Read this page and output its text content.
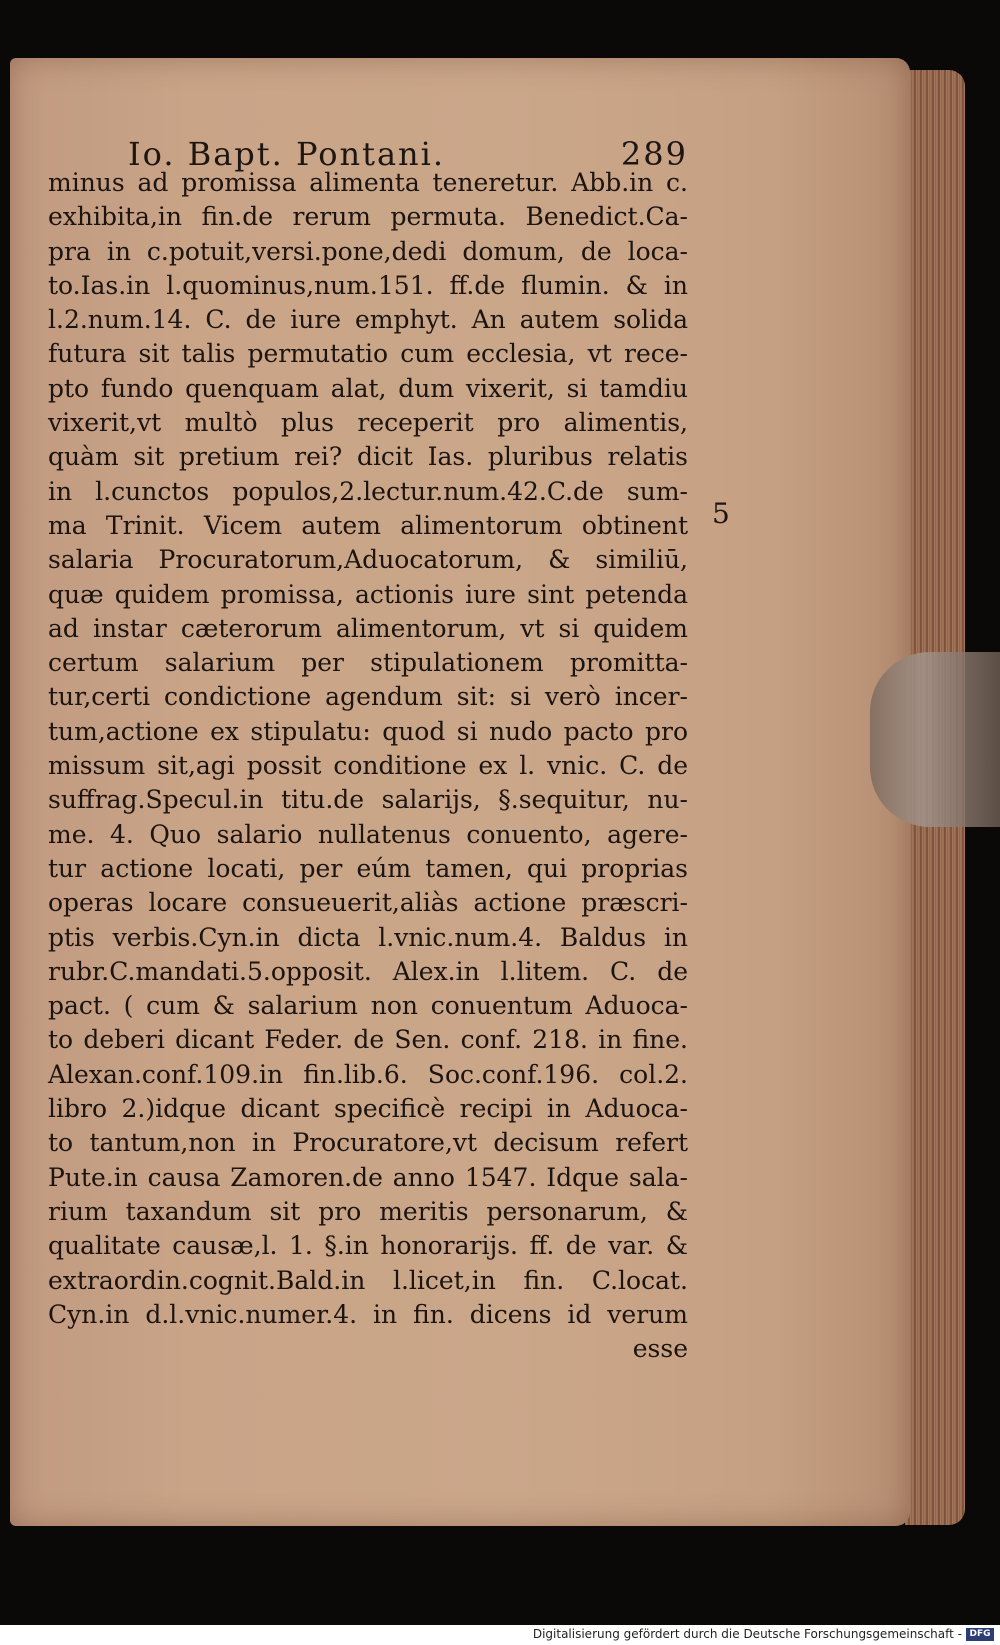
Io. Bapt. Pontani.	289
minus ad promissa alimenta teneretur. Abb.in c.
exhibita,in fin.de rerum permuta. Benedict.Ca-
pra in c.potuit,versi.pone,dedi domum, de loca-
to.Ias.in l.quominus,num.151. ff.de flumin. & in
l.2.num.14. C. de iure emphyt. An autem solida
futura sit talis permutatio cum ecclesia, vt rece-
pto fundo quenquam alat, dum vixerit, si tamdiu
vixerit,vt multò plus receperit pro alimentis,
quàm sit pretium rei? dicit Ias. pluribus relatis
in l.cunctos populos,2.lectur.num.42.C.de sum-
ma Trinit. Vicem autem alimentorum obtinent
salaria Procuratorum,Aduocatorum, & similiū,
quæ quidem promissa, actionis iure sint petenda
ad instar cæterorum alimentorum, vt si quidem
certum salarium per stipulationem promitta-
tur,certi condictione agendum sit: si verò incer-
tum,actione ex stipulatu: quod si nudo pacto pro
missum sit,agi possit conditione ex l. vnic. C. de
suffrag.Specul.in titu.de salarijs, §.sequitur, nu-
me. 4. Quo salario nullatenus conuento, agere-
tur actione locati, per eúm tamen, qui proprias
operas locare consueuerit,aliàs actione præscri-
ptis verbis.Cyn.in dicta l.vnic.num.4. Baldus in
rubr.C.mandati.5.opposit. Alex.in l.litem. C. de
pact. ( cum & salarium non conuentum Aduoca-
to deberi dicant Feder. de Sen. conf. 218. in fine.
Alexan.conf.109.in fin.lib.6. Soc.conf.196. col.2.
libro 2.)idque dicant specificè recipi in Aduoca-
to tantum,non in Procuratore,vt decisum refert
Pute.in causa Zamoren.de anno 1547. Idque sala-
rium taxandum sit pro meritis personarum, &
qualitate causæ,l. 1. §.in honorarijs. ff. de var. &
extraordin.cognit.Bald.in l.licet,in fin. C.locat.
Cyn.in d.l.vnic.numer.4. in fin. dicens id verum
esse
5
Digitalisierung gefördert durch die Deutsche Forschungsgemeinschaft - DFG
